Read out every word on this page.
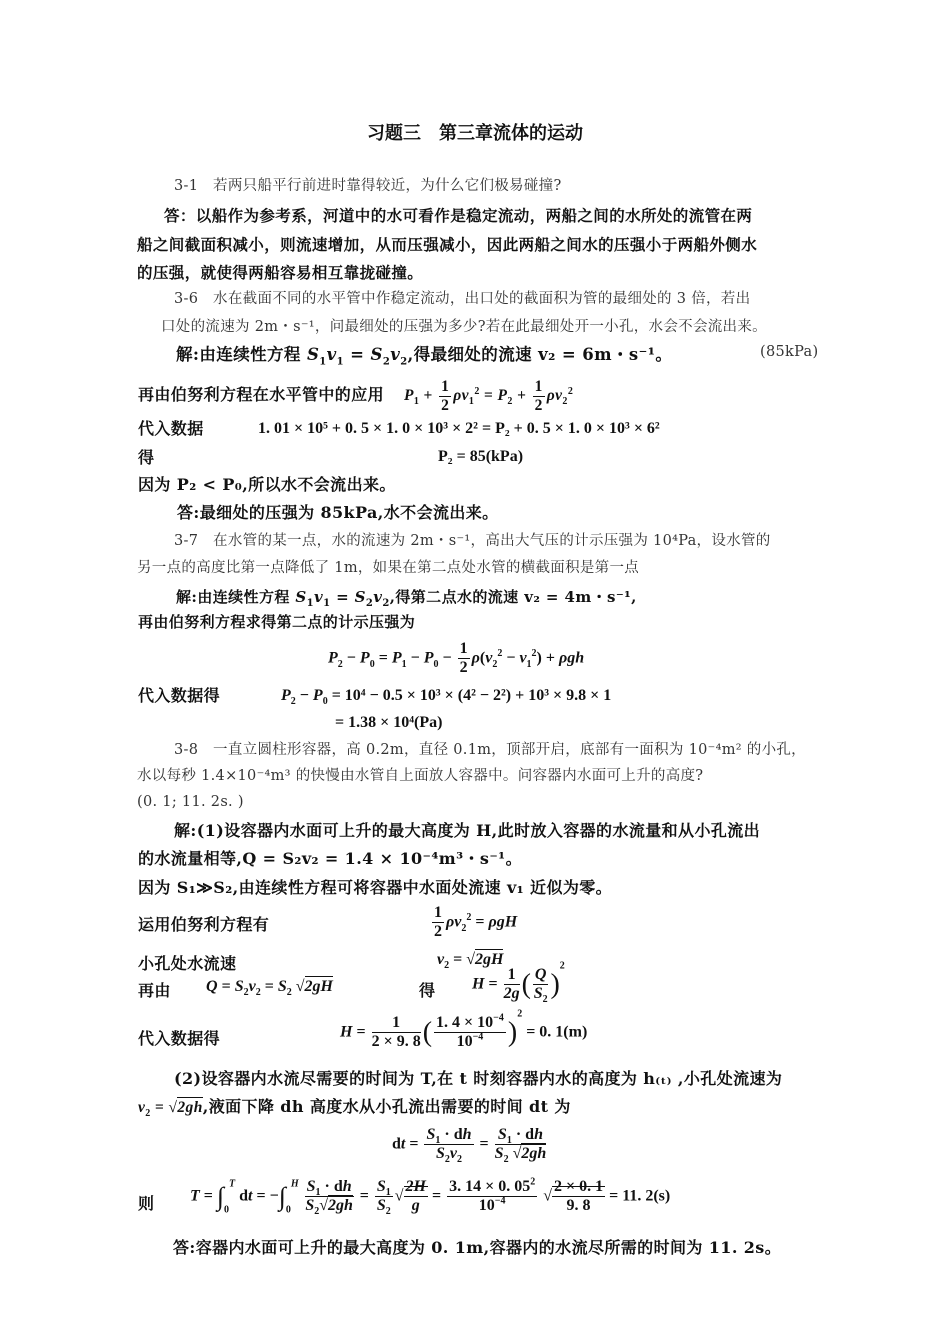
习题三　第三章流体的运动
3-1　若两只船平行前进时靠得较近，为什么它们极易碰撞?
答：以船作为参考系，河道中的水可看作是稳定流动，两船之间的水所处的流管在两
船之间截面积减小，则流速增加，从而压强减小，因此两船之间水的压强小于两船外侧水
的压强，就使得两船容易相互靠拢碰撞。
3-6　水在截面不同的水平管中作稳定流动，出口处的截面积为管的最细处的 3 倍，若出
口处的流速为 2m・s⁻¹，问最细处的压强为多少?若在此最细处开一小孔，水会不会流出来。
解:由连续性方程 $S_1v_1 = S_2v_2$,得最细处的流速 v₂ = 6m・s⁻¹。	(85kPa)
再由伯努利方程在水平管中的应用 $P_1 + \frac{1}{2} \rho v_1^2 = P_2 + \frac{1}{2} \rho v_2^2$
代入数据	1. 01 × 10⁵ + 0. 5 × 1. 0 × 10³ × 2² = P₂ + 0. 5 × 1. 0 × 10³ × 6²
得	P₂ = 85(kPa)
因为 P₂ < P₀,所以水不会流出来。
答:最细处的压强为 85kPa,水不会流出来。
3-7　在水管的某一点，水的流速为 2m・s⁻¹，高出大气压的计示压强为 10⁴Pa，设水管的
另一点的高度比第一点降低了 1m，如果在第二点处水管的横截面积是第一点
解:由连续性方程 $S_1v_1 = S_2v_2$,得第二点水的流速 v₂ = 4m・s⁻¹,
再由伯努利方程求得第二点的计示压强为
$P_2 - P_0 = P_1 - P_0 - \frac{1}{2} \rho(v_2^2 - v_1^2) + \rho gh$
代入数据得	$P_2 - P_0 = 10^4 - 0.5 \times 10^3 \times (4^2 - 2^2) + 10^3 \times 9.8 \times 1$
= 1.38 × 10⁴(Pa)
3-8　一直立圆柱形容器，高 0.2m，直径 0.1m，顶部开启，底部有一面积为 10⁻⁴m² 的小孔，
水以每秒 1.4×10⁻⁴m³ 的快慢由水管自上面放人容器中。问容器内水面可上升的高度?
(0. 1; 11. 2s. )
解:(1)设容器内水面可上升的最大高度为 H,此时放入容器的水流量和从小孔流出
的水流量相等,Q = S₂v₂ = 1.4 × 10⁻⁴m³・s⁻¹。
因为 S₁≫S₂,由连续性方程可将容器中水面处流速 v₁ 近似为零。
运用伯努利方程有	$\frac{1}{2} \rho v_2^2 = \rho gH$
小孔处水流速	$v_2 = √2gH$
再由 $Q = S_2v_2 = S_2$ √2gH	得 $H = \frac{1}{2g}$ ( $\frac{Q}{S_2} )^2$
代入数据得	$H = \frac{1}{2 \times 9. 8}$ ( $\frac{1. 4 \times 10^{-4}}{10^{-4}} )^2 = 0$. 1(m)
(2)设容器内水流尽需要的时间为 T,在 t 时刻容器内水的高度为 h₍ₜ₎ ,小孔处流速为
$v_2 = √2gh$,液面下降 dh 高度水从小孔流出需要的时间 dt 为
dt = $\frac{S_1 \cdot dh}{S_2v_2} = \frac{S_1 \cdot dh}{S_2 √2gh}$
则 $T = \int_0^T$ dt = $-\int_0^H \frac{S_1 \cdot dh}{S_2√2gh} = \frac{S_1}{S_2}$ √ $\frac{2H}{g} = \frac{3. 14 \times 0. 05^2}{10^{-4}}$ √ $\frac{2 \times 0. 1}{9. 8} = 11$. 2(s)
答:容器内水面可上升的最大高度为 0. 1m,容器内的水流尽所需的时间为 11. 2s。
